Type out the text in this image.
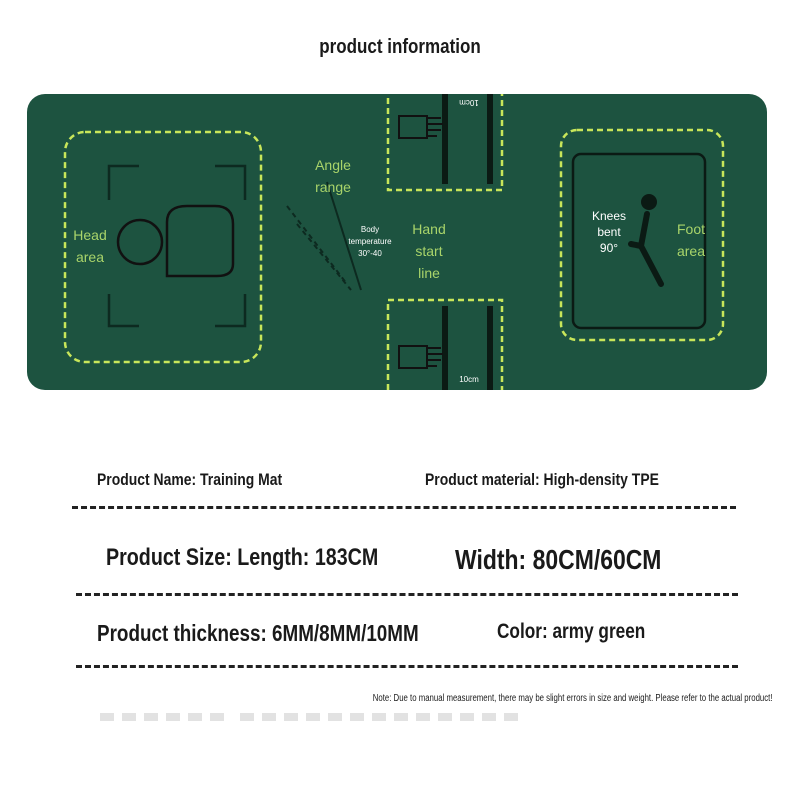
product information
Head
area
Angle
range
Body
temperature
30°-40
Hand
start
line
Knees
bent
90°
Foot
area
10cm
10cm
Product Name: Training Mat	Product material: High-density TPE
Product Size: Length: 183CM	Width: 80CM/60CM
Product thickness: 6MM/8MM/10MM	Color: army green
Note: Due to manual measurement, there may be slight errors in size and weight. Please refer to the actual product!
